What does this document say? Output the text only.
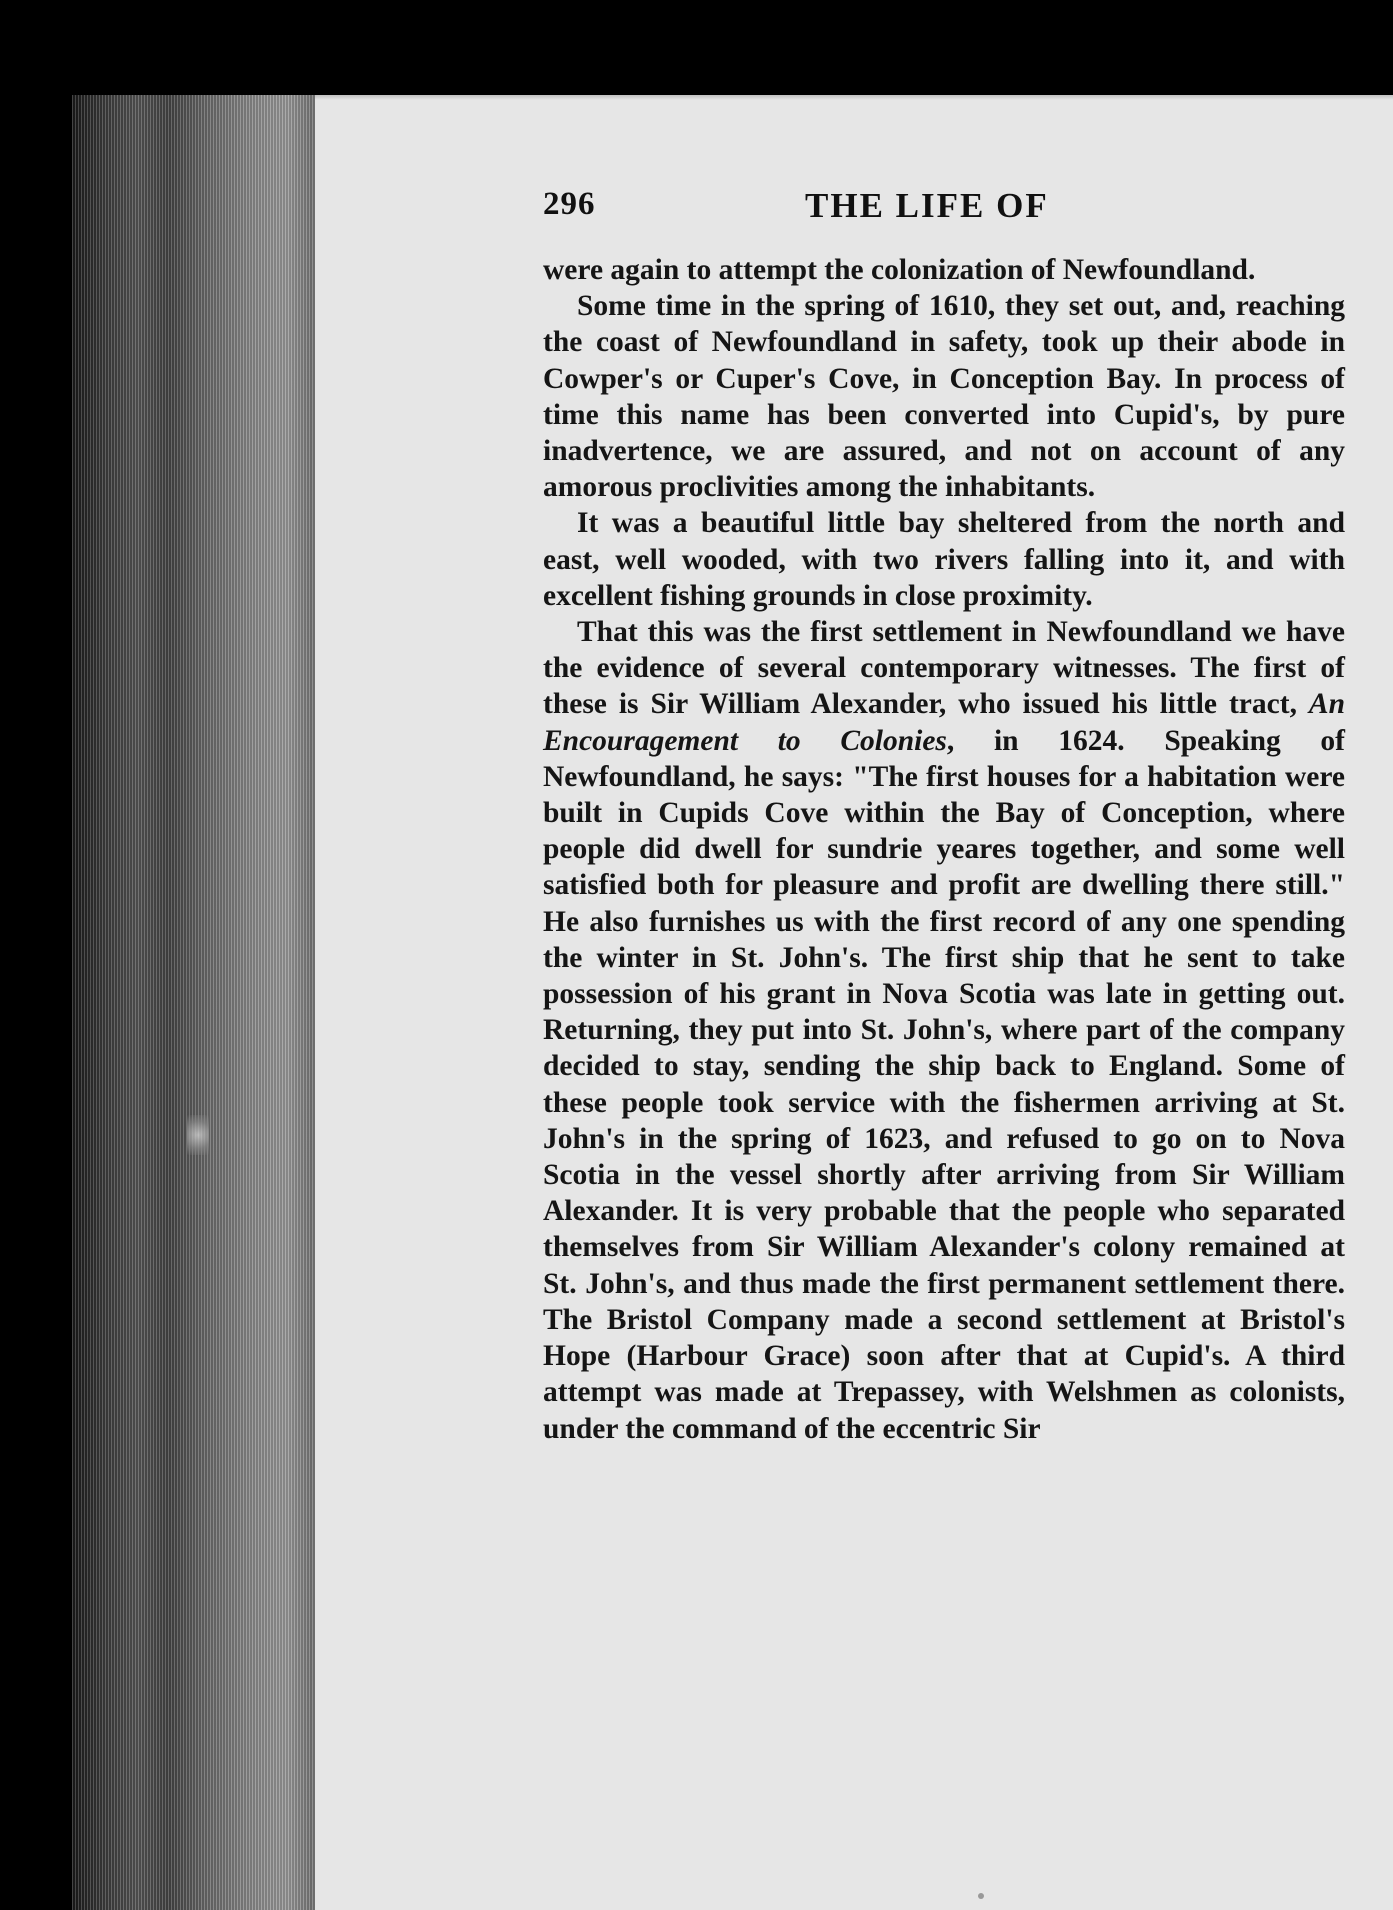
296	THE LIFE OF

were again to attempt the colonization of Newfoundland.

Some time in the spring of 1610, they set out, and, reaching the coast of Newfoundland in safety, took up their abode in Cowper's or Cuper's Cove, in Conception Bay. In process of time this name has been converted into Cupid's, by pure inadvertence, we are assured, and not on account of any amorous proclivities among the inhabitants.

It was a beautiful little bay sheltered from the north and east, well wooded, with two rivers falling into it, and with excellent fishing grounds in close proximity.

That this was the first settlement in Newfoundland we have the evidence of several contemporary witnesses. The first of these is Sir William Alexander, who issued his little tract, An Encouragement to Colonies, in 1624. Speaking of Newfoundland, he says: "The first houses for a habitation were built in Cupids Cove within the Bay of Conception, where people did dwell for sundrie yeares together, and some well satisfied both for pleasure and profit are dwelling there still." He also furnishes us with the first record of any one spending the winter in St. John's. The first ship that he sent to take possession of his grant in Nova Scotia was late in getting out. Returning, they put into St. John's, where part of the company decided to stay, sending the ship back to England. Some of these people took service with the fishermen arriving at St. John's in the spring of 1623, and refused to go on to Nova Scotia in the vessel shortly after arriving from Sir William Alexander. It is very probable that the people who separated themselves from Sir William Alexander's colony remained at St. John's, and thus made the first permanent settlement there. The Bristol Company made a second settlement at Bristol's Hope (Harbour Grace) soon after that at Cupid's. A third attempt was made at Trepassey, with Welshmen as colonists, under the command of the eccentric Sir
